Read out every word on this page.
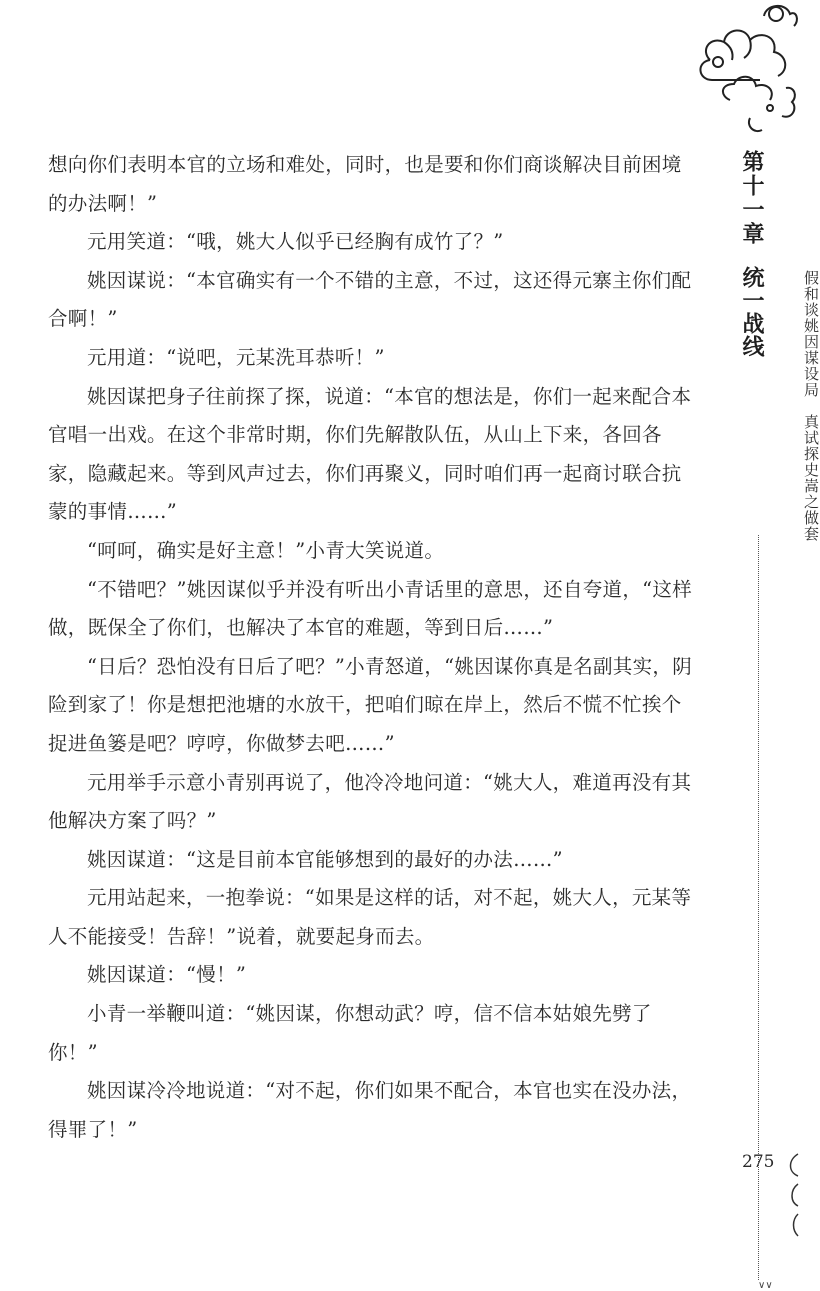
想向你们表明本官的立场和难处，同时，也是要和你们商谈解决目前困境的办法啊！”

元用笑道：“哦，姚大人似乎已经胸有成竹了？”

姚因谋说：“本官确实有一个不错的主意，不过，这还得元寨主你们配合啊！”

元用道：“说吧，元某洗耳恭听！”

姚因谋把身子往前探了探，说道：“本官的想法是，你们一起来配合本官唱一出戏。在这个非常时期，你们先解散队伍，从山上下来，各回各家，隐藏起来。等到风声过去，你们再聚义，同时咱们再一起商讨联合抗蒙的事情……”

“呵呵，确实是好主意！”小青大笑说道。

“不错吧？”姚因谋似乎并没有听出小青话里的意思，还自夸道，“这样做，既保全了你们，也解决了本官的难题，等到日后……”

“日后？恐怕没有日后了吧？”小青怒道，“姚因谋你真是名副其实，阴险到家了！你是想把池塘的水放干，把咱们晾在岸上，然后不慌不忙挨个捉进鱼篓是吧？哼哼，你做梦去吧……”

元用举手示意小青别再说了，他冷冷地问道：“姚大人，难道再没有其他解决方案了吗？”

姚因谋道：“这是目前本官能够想到的最好的办法……”

元用站起来，一抱拳说：“如果是这样的话，对不起，姚大人，元某等人不能接受！告辞！”说着，就要起身而去。

姚因谋道：“慢！”

小青一举鞭叫道：“姚因谋，你想动武？哼，信不信本姑娘先劈了你！”

姚因谋冷冷地说道：“对不起，你们如果不配合，本官也实在没办法，得罪了！”

第十一章
统一战线	假和谈姚因谋设局　真试探史嵩之做套
∨∨
275
